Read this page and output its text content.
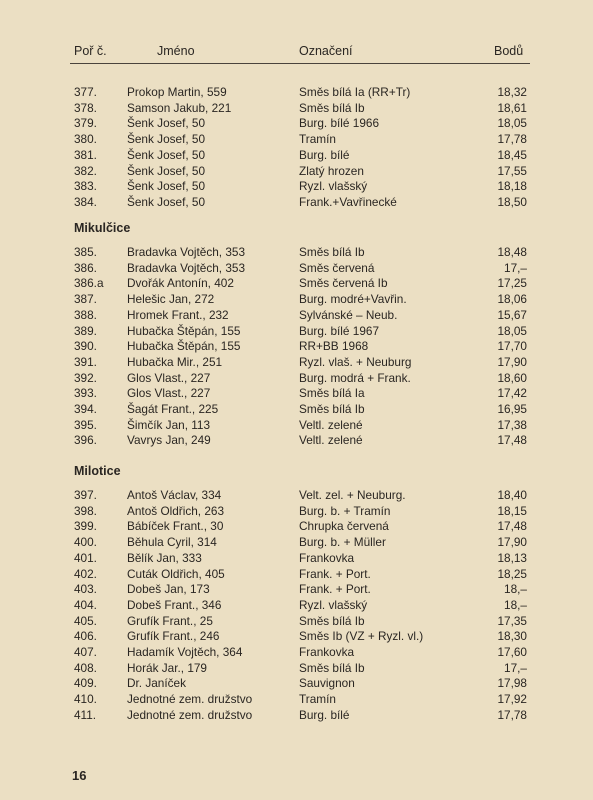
Poř č.	Jméno	Označení	Bodů
377.	Prokop Martin, 559	Směs bílá Ia (RR+Tr)	18,32
378.	Samson Jakub, 221	Směs bílá Ib	18,61
379.	Šenk Josef, 50	Burg. bílé 1966	18,05
380.	Šenk Josef, 50	Tramín	17,78
381.	Šenk Josef, 50	Burg. bílé	18,45
382.	Šenk Josef, 50	Zlatý hrozen	17,55
383.	Šenk Josef, 50	Ryzl. vlašský	18,18
384.	Šenk Josef, 50	Frank.+Vavřinecké	18,50
Mikulčice
385.	Bradavka Vojtěch, 353	Směs bílá Ib	18,48
386.	Bradavka Vojtěch, 353	Směs červená	17,–
386.a Dvořák Antonín, 402	Směs červená Ib	17,25
387.	Helešic Jan, 272	Burg. modré+Vavřin.	18,06
388.	Hromek Frant., 232	Sylvánské – Neub.	15,67
389.	Hubačka Štěpán, 155	Burg. bílé 1967	18,05
390.	Hubačka Štěpán, 155	RR+BB 1968	17,70
391.	Hubačka Mir., 251	Ryzl. vlaš. + Neuburg	17,90
392.	Glos Vlast., 227	Burg. modrá + Frank.	18,60
393.	Glos Vlast., 227	Směs bílá Ia	17,42
394.	Šagát Frant., 225	Směs bílá Ib	16,95
395.	Šimčík Jan, 113	Veltl. zelené	17,38
396.	Vavrys Jan, 249	Veltl. zelené	17,48
Milotice
397.	Antoš Václav, 334	Velt. zel. + Neuburg.	18,40
398.	Antoš Oldřich, 263	Burg. b. + Tramín	18,15
399.	Bábíček Frant., 30	Chrupka červená	17,48
400.	Běhula Cyril, 314	Burg. b. + Müller	17,90
401.	Bělík Jan, 333	Frankovka	18,13
402.	Cuták Oldřich, 405	Frank. + Port.	18,25
403.	Dobeš Jan, 173	Frank. + Port.	18,–
404.	Dobeš Frant., 346	Ryzl. vlašský	18,–
405.	Grufík Frant., 25	Směs bílá Ib	17,35
406.	Grufík Frant., 246	Směs Ib (VZ + Ryzl. vl.)	18,30
407.	Hadamík Vojtěch, 364	Frankovka	17,60
408.	Horák Jar., 179	Směs bílá Ib	17,–
409.	Dr. Janíček	Sauvignon	17,98
410.	Jednotné zem. družstvo	Tramín	17,92
411.	Jednotné zem. družstvo	Burg. bílé	17,78
16
